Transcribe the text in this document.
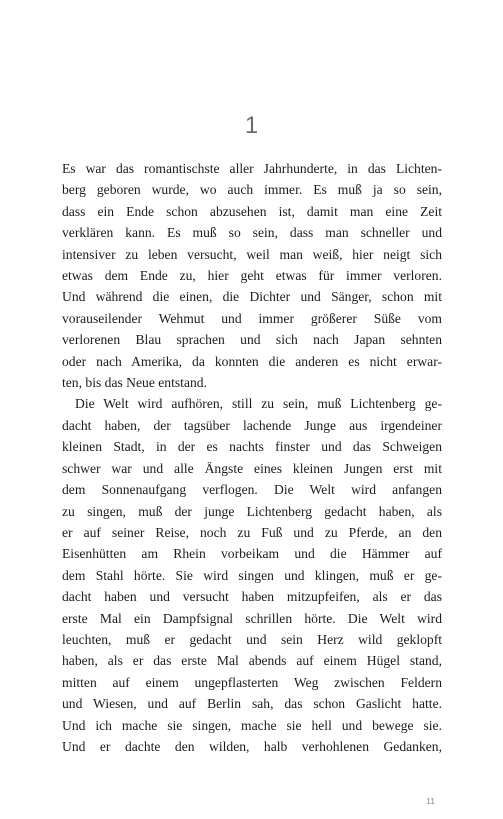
1
Es war das romantischste aller Jahrhunderte, in das Lichten-
berg geboren wurde, wo auch immer. Es muß ja so sein,
dass ein Ende schon abzusehen ist, damit man eine Zeit
verklären kann. Es muß so sein, dass man schneller und
intensiver zu leben versucht, weil man weiß, hier neigt sich
etwas dem Ende zu, hier geht etwas für immer verloren.
Und während die einen, die Dichter und Sänger, schon mit
vorauseilender Wehmut und immer größerer Süße vom
verlorenen Blau sprachen und sich nach Japan sehnten
oder nach Amerika, da konnten die anderen es nicht erwar-
ten, bis das Neue entstand.
Die Welt wird aufhören, still zu sein, muß Lichtenberg ge-
dacht haben, der tagsüber lachende Junge aus irgendeiner
kleinen Stadt, in der es nachts finster und das Schweigen
schwer war und alle Ängste eines kleinen Jungen erst mit
dem Sonnenaufgang verflogen. Die Welt wird anfangen
zu singen, muß der junge Lichtenberg gedacht haben, als
er auf seiner Reise, noch zu Fuß und zu Pferde, an den
Eisenhütten am Rhein vorbeikam und die Hämmer auf
dem Stahl hörte. Sie wird singen und klingen, muß er ge-
dacht haben und versucht haben mitzupfeifen, als er das
erste Mal ein Dampfsignal schrillen hörte. Die Welt wird
leuchten, muß er gedacht und sein Herz wild geklopft
haben, als er das erste Mal abends auf einem Hügel stand,
mitten auf einem ungepflasterten Weg zwischen Feldern
und Wiesen, und auf Berlin sah, das schon Gaslicht hatte.
Und ich mache sie singen, mache sie hell und bewege sie.
Und er dachte den wilden, halb verhohlenen Gedanken,
11
